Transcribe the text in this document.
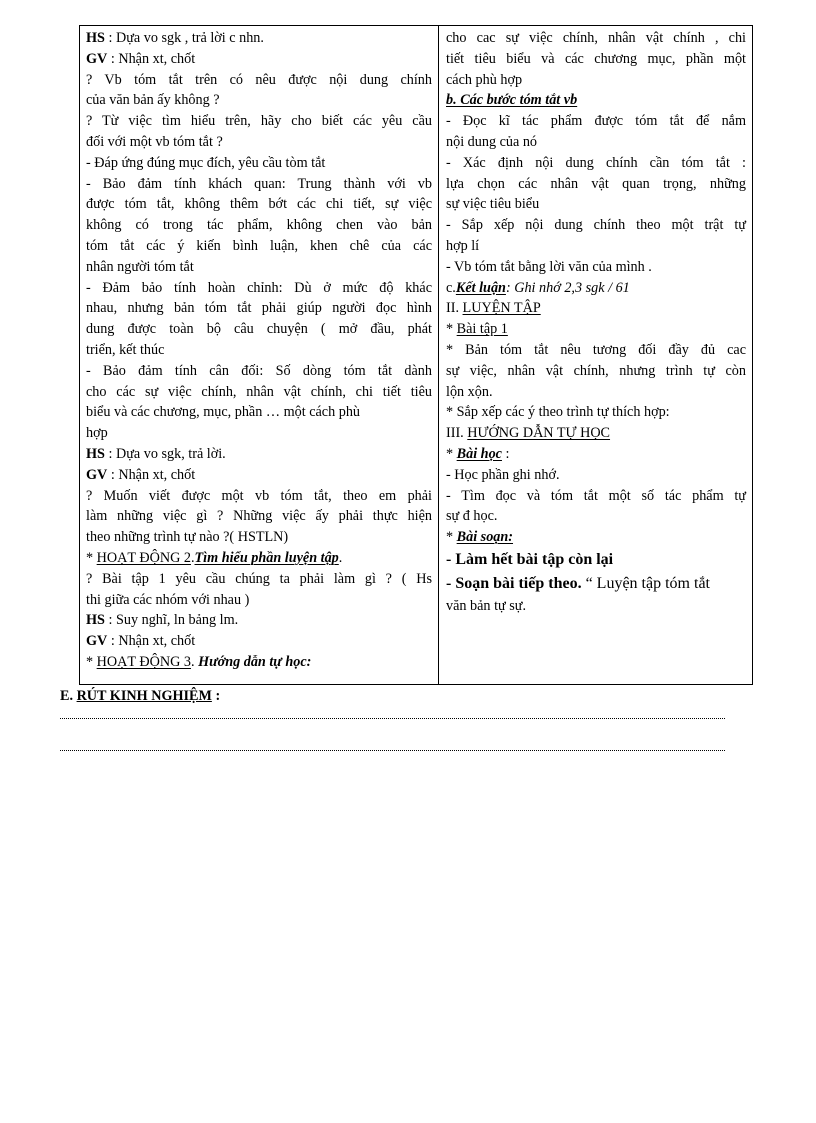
HS : Dựa vo sgk , trả lời c nhn.
GV : Nhận xt, chốt
? Vb tóm tắt trên có nêu được nội dung chính
của văn bản ấy không ?
? Từ việc tìm hiểu trên, hãy cho biết các yêu cầu
đối với một vb tóm tắt ?
- Đáp ứng đúng mục đích, yêu cầu tòm tắt
- Bảo đảm tính khách quan: Trung thành với vb
được tóm tắt, không thêm bớt các chi tiết, sự việc
không có trong tác phẩm, không chen vào bản
tóm tắt các ý kiến bình luận, khen chê của các
nhân người tóm tắt
- Đảm bảo tính hoàn chỉnh: Dù ở mức độ khác
nhau, nhưng bản tóm tắt phải giúp người đọc hình
dung được toàn bộ câu chuyện ( mở đầu, phát
triển, kết thúc
- Bảo đảm tính cân đối: Số dòng tóm tắt dành
cho các sự việc chính, nhân vật chính, chi tiết tiêu
biểu và các chương, mục, phần … một cách phù
hợp
HS : Dựa vo sgk, trả lời.
GV : Nhận xt, chốt
? Muốn viết được một vb tóm tắt, theo em phải
làm những việc gì ? Những việc ấy phải thực hiện
theo những trình tự nào ?( HSTLN)
* HOẠT ĐỘNG 2.Tìm hiểu phần luyện tập.
? Bài tập 1 yêu cầu chúng ta phải làm gì ? ( Hs
thi giữa các nhóm với nhau )
HS : Suy nghĩ, ln bảng lm.
GV : Nhận xt, chốt
* HOẠT ĐỘNG 3. Hướng dẫn tự học:
cho cac sự việc chính, nhân vật chính , chi
tiết tiêu biểu và các chương mục, phần một
cách phù hợp
b. Các bước tóm tắt vb
- Đọc kĩ tác phẩm được tóm tắt để nắm
nội dung của nó
- Xác định nội dung chính cần tóm tắt :
lựa chọn các nhân vật quan trọng, những
sự việc tiêu biểu
- Sắp xếp nội dung chính theo một trật tự
hợp lí
- Vb tóm tắt bằng lời văn của mình .
c.Kết luận: Ghi nhớ 2,3 sgk / 61
II. LUYỆN TẬP
* Bài tập 1
* Bản tóm tắt nêu tương đối đầy đủ cac
sự việc, nhân vật chính, nhưng trình tự còn
lộn xộn.
* Sắp xếp các ý theo trình tự thích hợp:
III. HƯỚNG DẪN TỰ HỌC
* Bài học :
- Học phần ghi nhớ.
- Tìm đọc và tóm tắt một số tác phẩm tự
sự đ học.
* Bài soạn:
- Làm hết bài tập còn lại
- Soạn bài tiếp theo. “ Luyện tập tóm tắt
văn bản tự sự.
E. RÚT KINH NGHIỆM :
